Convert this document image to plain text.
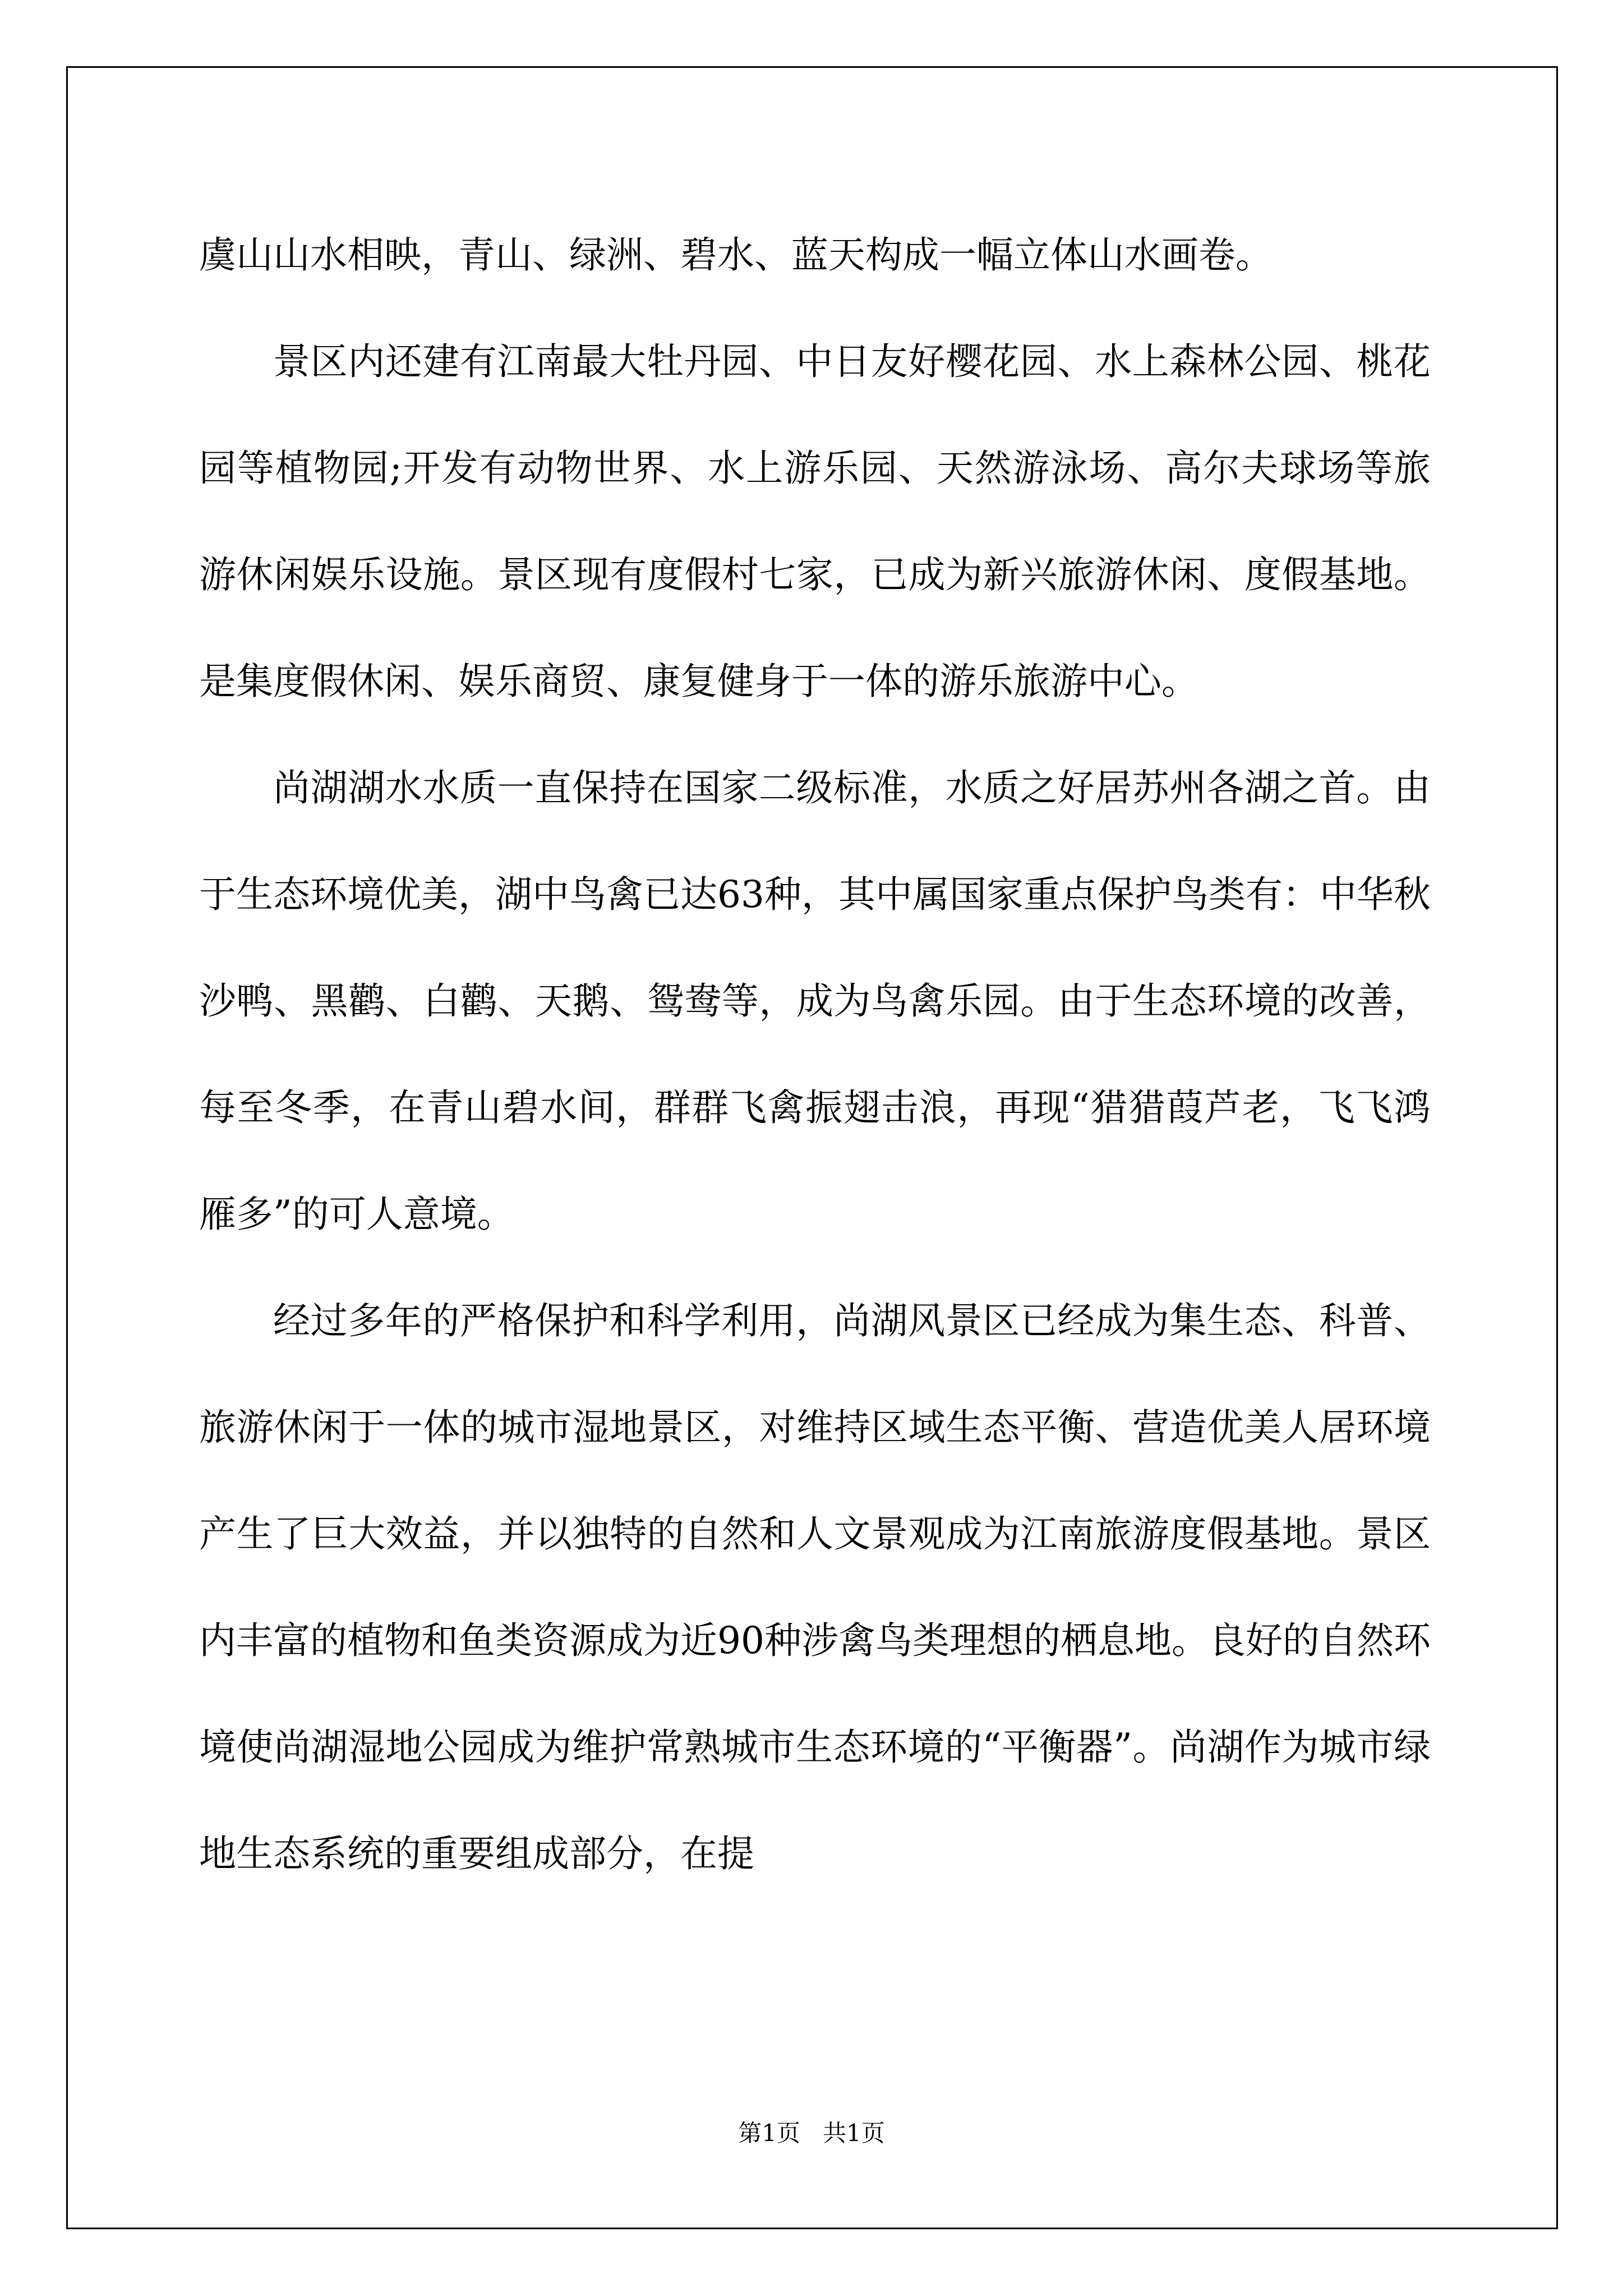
虞山山水相映，青山、绿洲、碧水、蓝天构成一幅立体山水画卷。

景区内还建有江南最大牡丹园、中日友好樱花园、水上森林公园、桃花园等植物园;开发有动物世界、水上游乐园、天然游泳场、高尔夫球场等旅游休闲娱乐设施。景区现有度假村七家，已成为新兴旅游休闲、度假基地。是集度假休闲、娱乐商贸、康复健身于一体的游乐旅游中心。

尚湖湖水水质一直保持在国家二级标准，水质之好居苏州各湖之首。由于生态环境优美，湖中鸟禽已达63种，其中属国家重点保护鸟类有：中华秋沙鸭、黑鹳、白鹳、天鹅、鸳鸯等，成为鸟禽乐园。由于生态环境的改善，每至冬季，在青山碧水间，群群飞禽振翅击浪，再现“猎猎葭芦老，飞飞鸿雁多”的可人意境。

经过多年的严格保护和科学利用，尚湖风景区已经成为集生态、科普、旅游休闲于一体的城市湿地景区，对维持区域生态平衡、营造优美人居环境产生了巨大效益，并以独特的自然和人文景观成为江南旅游度假基地。景区内丰富的植物和鱼类资源成为近90种涉禽鸟类理想的栖息地。良好的自然环境使尚湖湿地公园成为维护常熟城市生态环境的“平衡器”。尚湖作为城市绿地生态系统的重要组成部分，在提

第1页 共1页
